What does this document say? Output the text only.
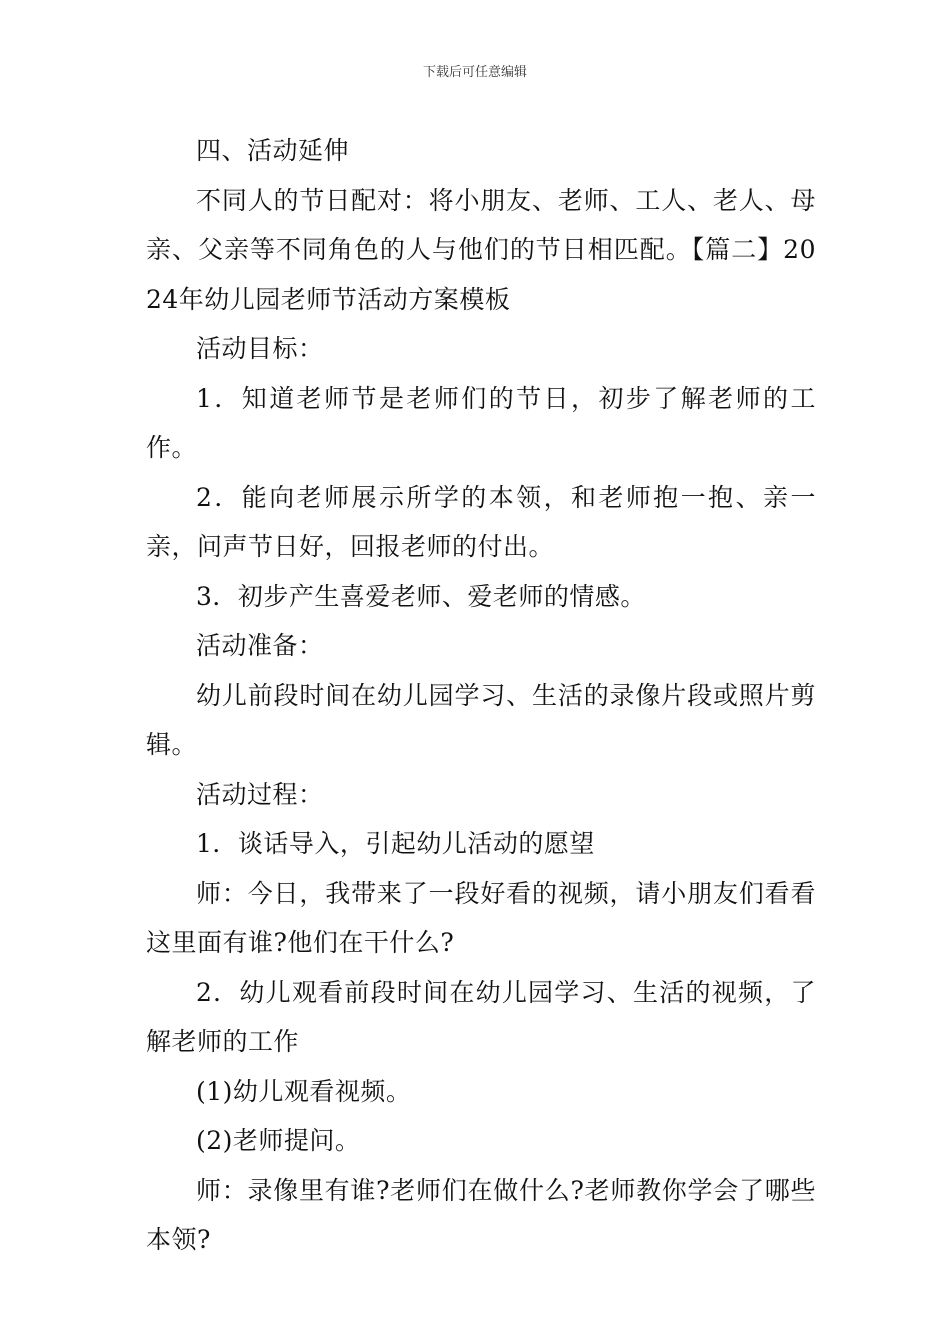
下载后可任意编辑

四、活动延伸

不同人的节日配对：将小朋友、老师、工人、老人、母亲、父亲等不同角色的人与他们的节日相匹配。【篇二】2024年幼儿园老师节活动方案模板

活动目标：

1．知道老师节是老师们的节日，初步了解老师的工作。

2．能向老师展示所学的本领，和老师抱一抱、亲一亲，问声节日好，回报老师的付出。

3．初步产生喜爱老师、爱老师的情感。

活动准备：

幼儿前段时间在幼儿园学习、生活的录像片段或照片剪辑。

活动过程：

1．谈话导入，引起幼儿活动的愿望

师：今日，我带来了一段好看的视频，请小朋友们看看这里面有谁?他们在干什么?

2．幼儿观看前段时间在幼儿园学习、生活的视频，了解老师的工作

(1)幼儿观看视频。

(2)老师提问。

师：录像里有谁?老师们在做什么?老师教你学会了哪些本领?
